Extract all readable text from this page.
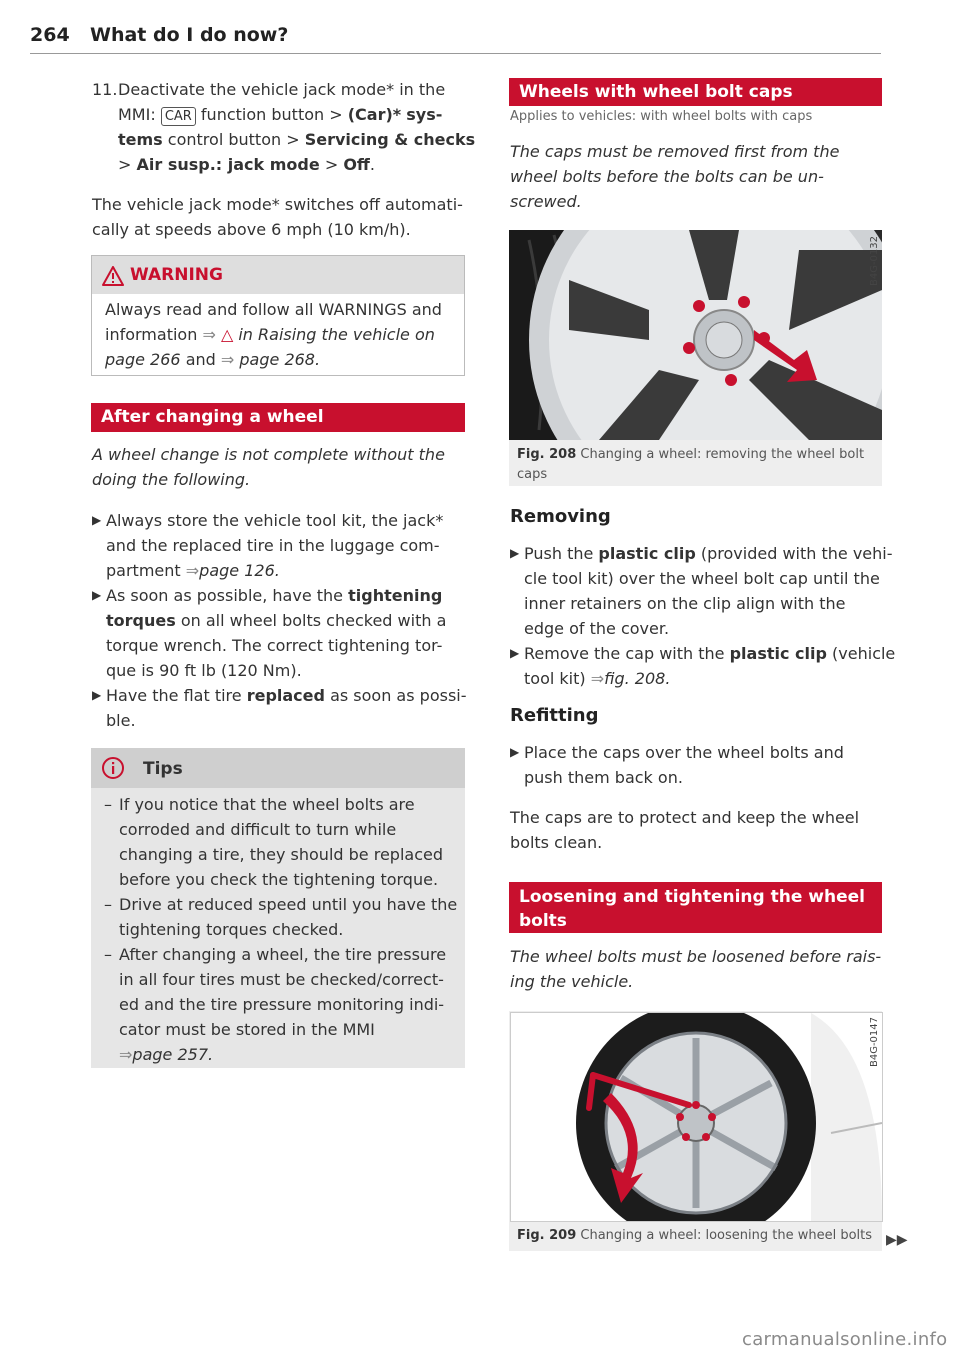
264 What do I do now?
11. Deactivate the vehicle jack mode* in the
MMI: CAR function button > (Car)* sys-
tems control button > Servicing & checks
> Air susp.: jack mode > Off.
The vehicle jack mode* switches off automati-
cally at speeds above 6 mph (10 km/h).
WARNING
Always read and follow all WARNINGS and
information ⇒ △ in Raising the vehicle on
page 266 and ⇒ page 268.
After changing a wheel
A wheel change is not complete without the
doing the following.
▶ Always store the vehicle tool kit, the jack*
and the replaced tire in the luggage com-
partment ⇒page 126.
▶ As soon as possible, have the tightening
torques on all wheel bolts checked with a
torque wrench. The correct tightening tor-
que is 90 ft lb (120 Nm).
▶ Have the flat tire replaced as soon as possi-
ble.
Tips
– If you notice that the wheel bolts are
corroded and difficult to turn while
changing a tire, they should be replaced
before you check the tightening torque.
– Drive at reduced speed until you have the
tightening torques checked.
– After changing a wheel, the tire pressure
in all four tires must be checked/correct-
ed and the tire pressure monitoring indi-
cator must be stored in the MMI
⇒page 257.
Wheels with wheel bolt caps
Applies to vehicles: with wheel bolts with caps
The caps must be removed first from the
wheel bolts before the bolts can be un-
screwed.
B4G-0132
Fig. 208 Changing a wheel: removing the wheel bolt
caps
Removing
▶ Push the plastic clip (provided with the vehi-
cle tool kit) over the wheel bolt cap until the
inner retainers on the clip align with the
edge of the cover.
▶ Remove the cap with the plastic clip (vehicle
tool kit) ⇒fig. 208.
Refitting
▶ Place the caps over the wheel bolts and
push them back on.
The caps are to protect and keep the wheel
bolts clean.
Loosening and tightening the wheel
bolts
The wheel bolts must be loosened before rais-
ing the vehicle.
B4G-0147
Fig. 209 Changing a wheel: loosening the wheel bolts ▶▶
carmanualsonline.info
